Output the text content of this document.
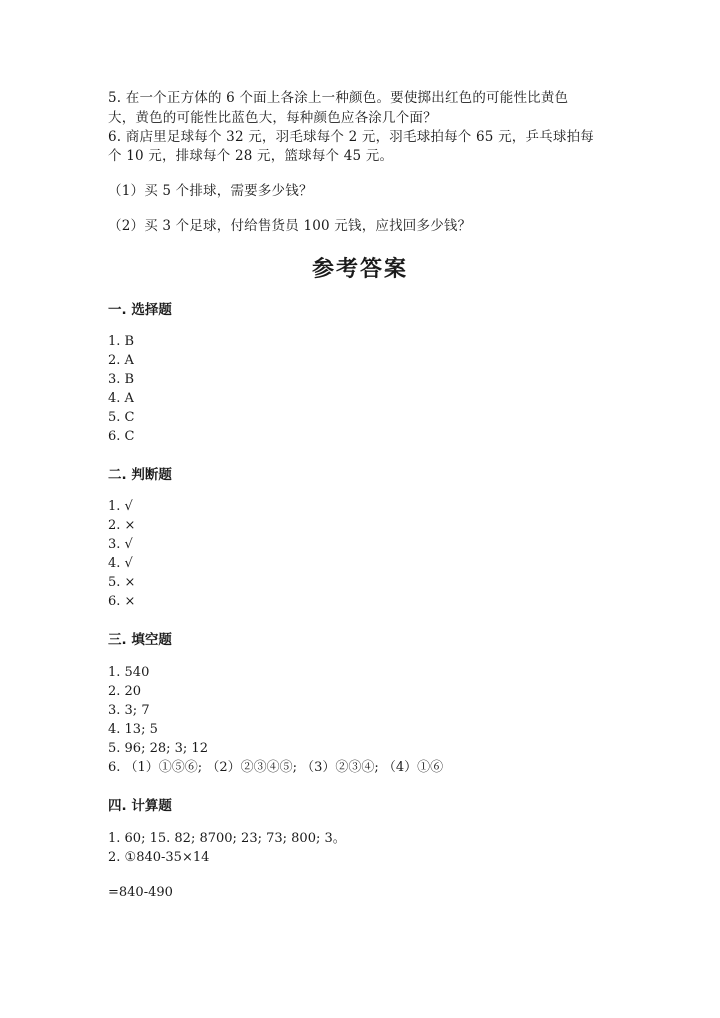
5. 在一个正方体的 6 个面上各涂上一种颜色。要使掷出红色的可能性比黄色
大，黄色的可能性比蓝色大，每种颜色应各涂几个面？
6. 商店里足球每个 32 元，羽毛球每个 2 元，羽毛球拍每个 65 元，乒乓球拍每
个 10 元，排球每个 28 元，篮球每个 45 元。
（1）买 5 个排球，需要多少钱？
（2）买 3 个足球，付给售货员 100 元钱，应找回多少钱？
参考答案
一. 选择题
1. B
2. A
3. B
4. A
5. C
6. C
二. 判断题
1. √
2. ×
3. √
4. √
5. ×
6. ×
三. 填空题
1. 540
2. 20
3. 3; 7
4. 13; 5
5. 96; 28; 3; 12
6. （1）①⑤⑥; （2）②③④⑤; （3）②③④; （4）①⑥
四. 计算题
1. 60; 15. 82; 8700; 23; 73; 800; 3。
2. ①840-35×14
=840-490
